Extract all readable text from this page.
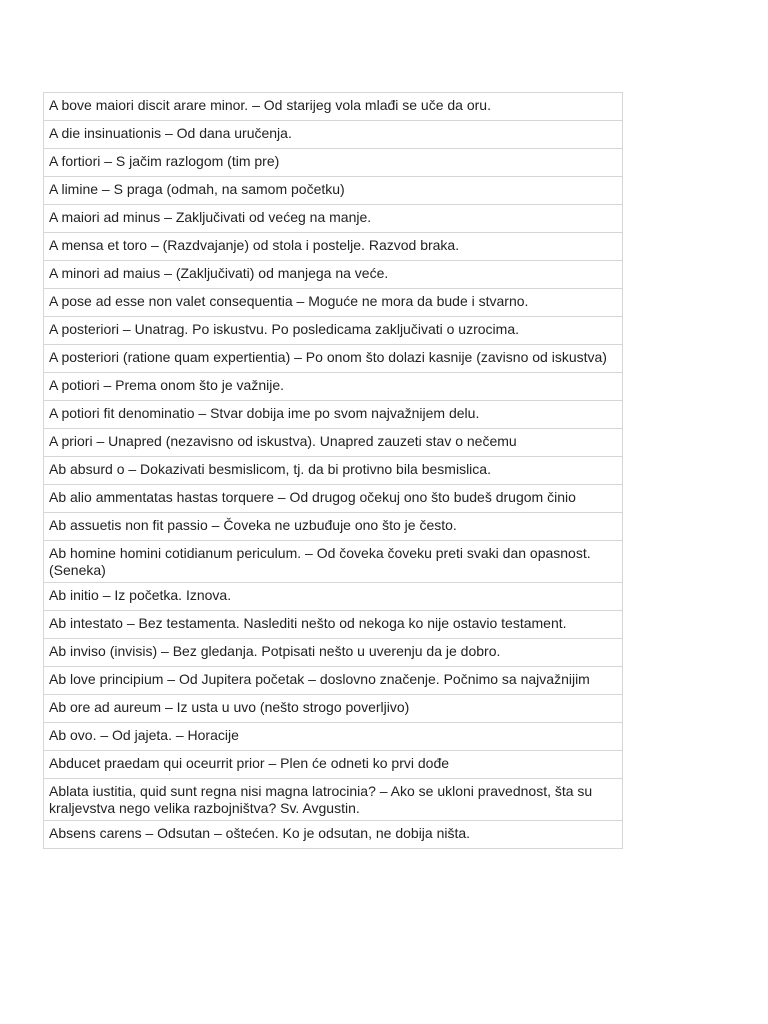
A bove maiori discit arare minor. – Od starijeg vola mlađi se uče da oru.
A die insinuationis – Od dana uručenja.
A fortiori – S jačim razlogom (tim pre)
A limine – S praga (odmah, na samom početku)
A maiori ad minus – Zaključivati od većeg na manje.
A mensa et toro – (Razdvajanje) od stola i postelje. Razvod braka.
A minori ad maius – (Zaključivati) od manjega na veće.
A pose ad esse non valet consequentia – Moguće ne mora da bude i stvarno.
A posteriori – Unatrag. Po iskustvu. Po posledicama zaključivati o uzrocima.
A posteriori (ratione quam expertientia) – Po onom što dolazi kasnije (zavisno od iskustva)
A potiori – Prema onom što je važnije.
A potiori fit denominatio – Stvar dobija ime po svom najvažnijem delu.
A priori – Unapred (nezavisno od iskustva). Unapred zauzeti stav o nečemu
Ab absurd o – Dokazivati besmislicom, tj. da bi protivno bila besmislica.
Ab alio ammentatas hastas torquere – Od drugog očekuj ono što budeš drugom činio
Ab assuetis non fit passio – Čoveka ne uzbuđuje ono što je često.
Ab homine homini cotidianum periculum. – Od čoveka čoveku preti svaki dan opasnost. (Seneka)
Ab initio – Iz početka. Iznova.
Ab intestato – Bez testamenta. Naslediti nešto od nekoga ko nije ostavio testament.
Ab inviso (invisis) – Bez gledanja. Potpisati nešto u uverenju da je dobro.
Ab love principium – Od Jupitera početak – doslovno značenje. Počnimo sa najvažnijim
Ab ore ad aureum – Iz usta u uvo (nešto strogo poverljivo)
Ab ovo. – Od jajeta. – Horacije
Abducet praedam qui oceurrit prior – Plen će odneti ko prvi dođe
Ablata iustitia, quid sunt regna nisi magna latrocinia? – Ako se ukloni pravednost, šta su kraljevstva nego velika razbojništva? Sv. Avgustin.
Absens carens – Odsutan – oštećen. Ko je odsutan, ne dobija ništa.
